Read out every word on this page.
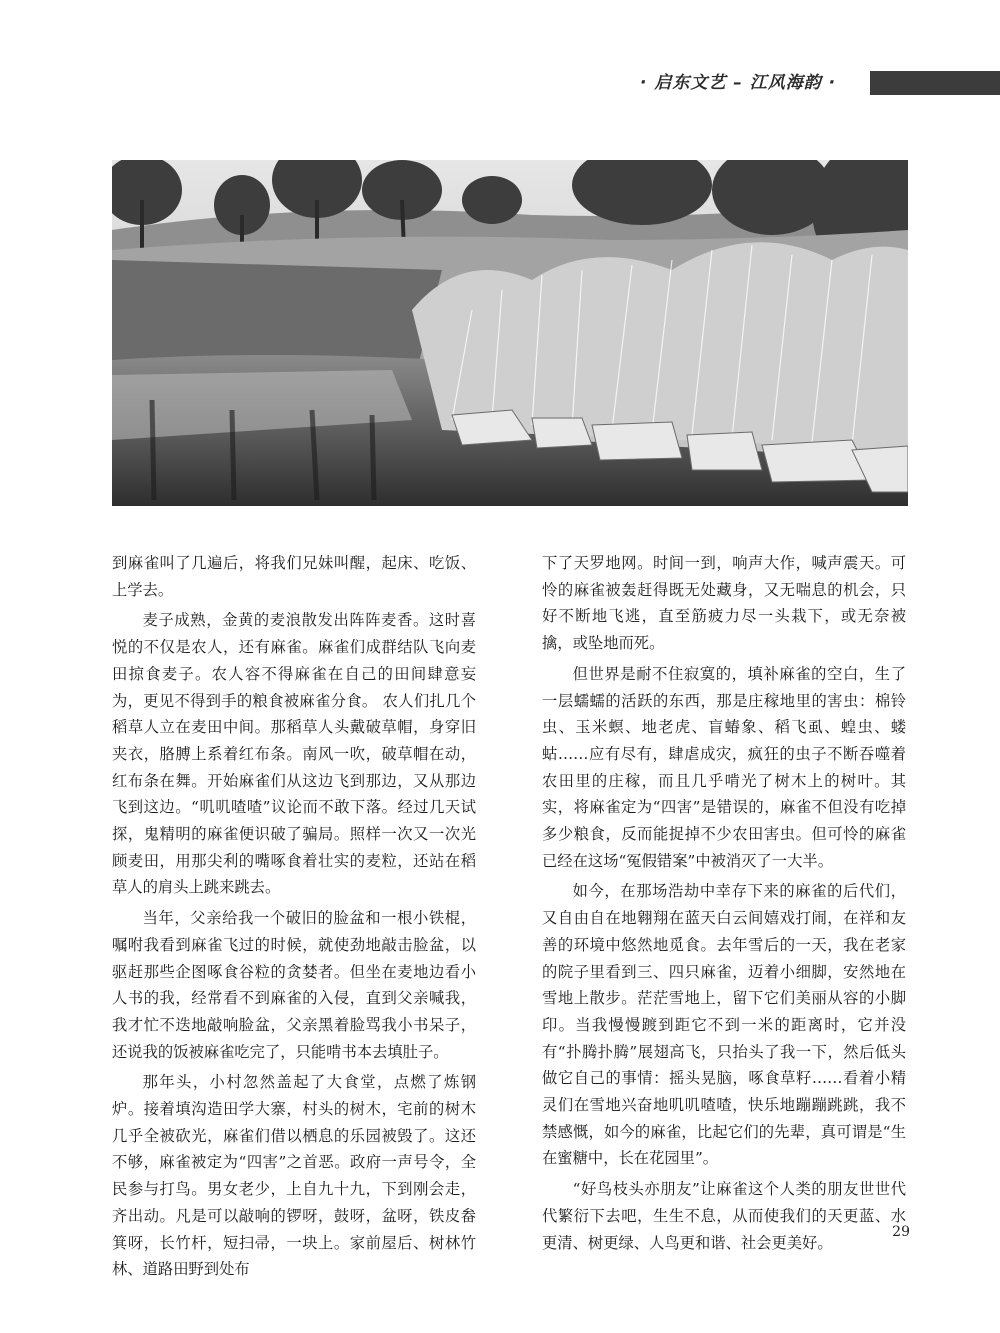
· 启东文艺 – 江风海韵 ·

到麻雀叫了几遍后，将我们兄妹叫醒，起床、吃饭、上学去。

麦子成熟，金黄的麦浪散发出阵阵麦香。这时喜悦的不仅是农人，还有麻雀。麻雀们成群结队飞向麦田掠食麦子。农人容不得麻雀在自己的田间肆意妄为，更见不得到手的粮食被麻雀分食。 农人们扎几个稻草人立在麦田中间。那稻草人头戴破草帽，身穿旧夹衣，胳膊上系着红布条。南风一吹，破草帽在动，红布条在舞。开始麻雀们从这边飞到那边，又从那边飞到这边。“叽叽喳喳”议论而不敢下落。经过几天试探，鬼精明的麻雀便识破了骗局。照样一次又一次光顾麦田，用那尖利的嘴啄食着壮实的麦粒，还站在稻草人的肩头上跳来跳去。

当年，父亲给我一个破旧的脸盆和一根小铁棍，嘱咐我看到麻雀飞过的时候，就使劲地敲击脸盆，以驱赶那些企图啄食谷粒的贪婪者。但坐在麦地边看小人书的我，经常看不到麻雀的入侵，直到父亲喊我，我才忙不迭地敲响脸盆，父亲黑着脸骂我小书呆子，还说我的饭被麻雀吃完了，只能啃书本去填肚子。

那年头，小村忽然盖起了大食堂，点燃了炼钢炉。接着填沟造田学大寨，村头的树木，宅前的树木几乎全被砍光，麻雀们借以栖息的乐园被毁了。这还不够，麻雀被定为“四害”之首恶。政府一声号令，全民参与打鸟。男女老少，上自九十九，下到刚会走，齐出动。凡是可以敲响的锣呀，鼓呀，盆呀，铁皮畚箕呀，长竹杆，短扫帚，一块上。家前屋后、树林竹林、道路田野到处布

下了天罗地网。时间一到，响声大作，喊声震天。可怜的麻雀被轰赶得既无处藏身，又无喘息的机会，只好不断地飞逃，直至筋疲力尽一头栽下，或无奈被擒，或坠地而死。

但世界是耐不住寂寞的，填补麻雀的空白，生了一层蠕蠕的活跃的东西，那是庄稼地里的害虫：棉铃虫、玉米螟、地老虎、盲蝽象、稻飞虱、蝗虫、蝼蛄……应有尽有，肆虐成灾，疯狂的虫子不断吞噬着农田里的庄稼，而且几乎啃光了树木上的树叶。其实，将麻雀定为“四害”是错误的，麻雀不但没有吃掉多少粮食，反而能捉掉不少农田害虫。但可怜的麻雀已经在这场“冤假错案”中被消灭了一大半。

如今，在那场浩劫中幸存下来的麻雀的后代们，又自由自在地翱翔在蓝天白云间嬉戏打闹，在祥和友善的环境中悠然地觅食。去年雪后的一天，我在老家的院子里看到三、四只麻雀，迈着小细脚，安然地在雪地上散步。茫茫雪地上，留下它们美丽从容的小脚印。当我慢慢踱到距它不到一米的距离时，它并没有“扑腾扑腾”展翅高飞，只抬头了我一下，然后低头做它自己的事情：摇头晃脑，啄食草籽……看着小精灵们在雪地兴奋地叽叽喳喳，快乐地蹦蹦跳跳，我不禁感慨，如今的麻雀，比起它们的先辈，真可谓是“生在蜜糖中，长在花园里”。

“好鸟枝头亦朋友”让麻雀这个人类的朋友世世代代繁衍下去吧，生生不息，从而使我们的天更蓝、水更清、树更绿、人鸟更和谐、社会更美好。

29
